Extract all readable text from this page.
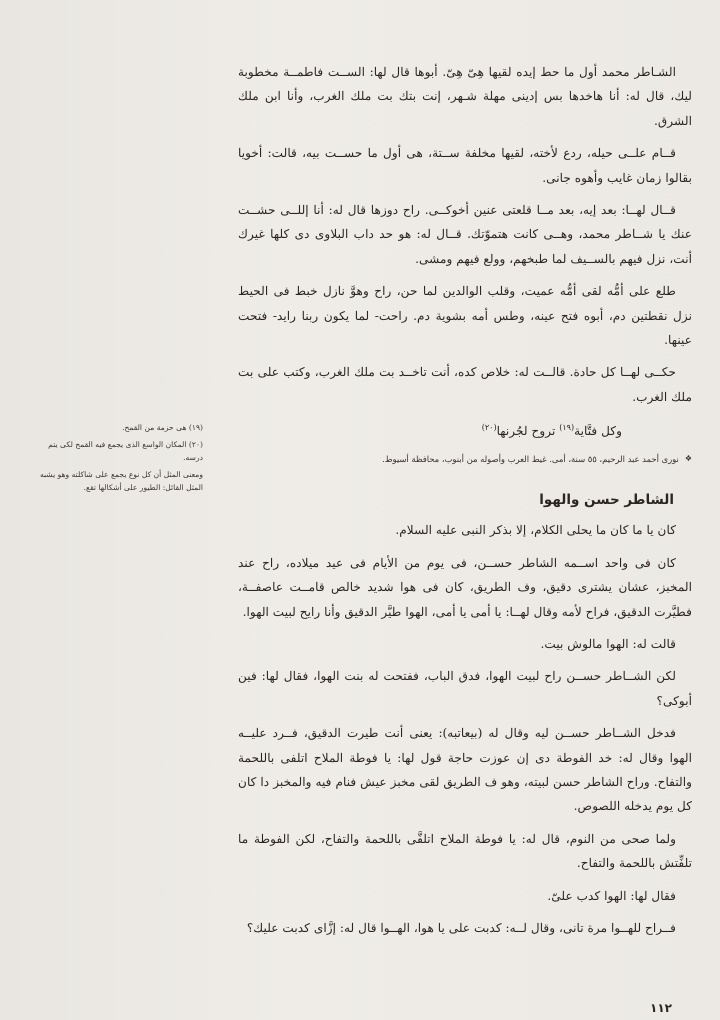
الشـاطر محمد أول ما حط إيده لقيها هِىّ هِىّ. أبوها قال لها: الســت فاطمــة مخطوبة ليك، قال له: أنا هاخدها بس إدينى مهلة شـهر، إنت بتك بت ملك الغرب، وأنا ابن ملك الشرق.

قــام علــى حيله، ردع لأخته، لقيها مخلفة ســتة، هى أول ما حســت بيه، قالت: أخويا بقالوا زمان غايب وأهوه جانى.

قــال لهــا: بعد إيه، بعد مــا قلعتى عنين أخوكــى. راح دوزها قال له: أنا إللــى حشــت عنك يا شــاطر محمد، وهــى كانت هتموّتك. قــال له: هو حد داب البلاوى دى كلها غيرك أنت، نزل فيهم بالســيف لما طبخهم، وولع فيهم ومشى.

طلع على أمُّه لقى أمُّه عميت، وقلب الوالدين لما حن، راح وهوَّ نازل خبط فى الحيط نزل نقطتين دم، أبوه فتح عينه، وطس أمه بشوية دم. راحت- لما يكون ربنا رايد- فتحت عينها.

حكــى لهــا كل حادة. قالــت له: خلاص كده، أنت تاخــد بت ملك الغرب، وكتب على بت ملك الغرب.

وكل فتَّاية$^{(١٩)}$ تروح لجُرنها$^{(٢٠)}$
❖
نورى أحمد عبد الرحيم، ٥٥ سنة، أمى. غيط العرب وأصوله من أبنوب، محافظة أسيوط.
الشاطر حسن والهوا

كان يا ما كان ما يحلى الكلام، إلا بذكر النبى عليه السلام.

كان فى واحد اســمه الشاطر حســن، فى يوم من الأيام فى عيد ميلاده، راح عند المخبز، عشان يشترى دقيق، وف الطريق، كان فى هوا شديد خالص قامــت عاصفــة، فطيَّرت الدقيق، فراح لأمه وقال لهــا: يا أمى يا أمى، الهوا طيَّر الدقيق وأنا رايح لبيت الهوا.

قالت له: الهوا مالوش بيت.

لكن الشــاطر حســن راح لبيت الهوا، فدق الباب، ففتحت له بنت الهوا، فقال لها: فين أبوكى؟

فدخل الشــاطر حســن ليه وقال له (بيعاتبه): يعنى أنت طيرت الدقيق، فــرد عليــه الهوا وقال له: خد الفوطة دى إن عوزت حاجة قول لها: يا فوطة الملاح اتلفى باللحمة والتفاح. وراح الشاطر حسن لبيته، وهو ف الطريق لقى مخبز عيش فنام فيه والمخبز دا كان كل يوم يدخله اللصوص.

ولما صحى من النوم، قال له: يا فوطة الملاح اتلفَّى باللحمة والتفاح، لكن الفوطة ما تلفِّتش باللحمة والتفاح.

فقال لها: الهوا كدب علىّ.

فــراح للهــوا مرة تانى، وقال لــه: كدبت على يا هوا، الهــوا قال له: إزَّاى كدبت عليك؟

(١٩) هى حزمة من القمح.

(٢٠) المكان الواسع الذى يجمع فيه القمح لكى يتم درسه.

ومعنى المثل أن كل نوع يجمع على شاكلته وهو يشبه المثل القائل: الطيور على أشكالها تقع.

١١٢
